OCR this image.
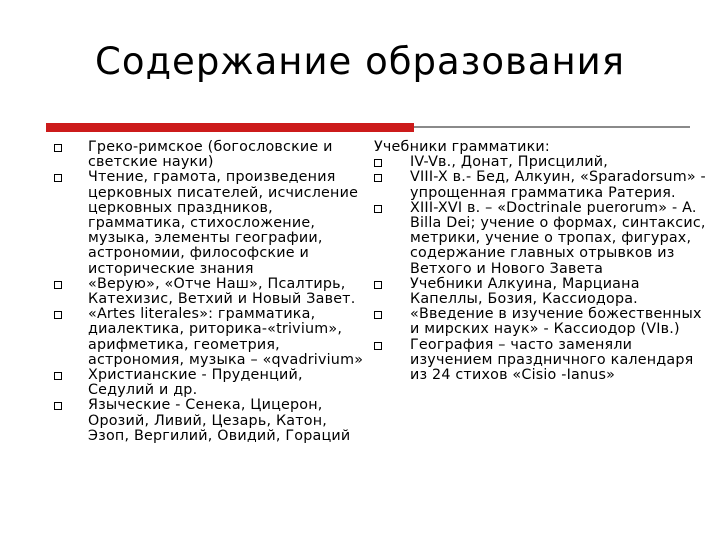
Содержание образования
Греко-римское (богословские и светские науки)
Чтение, грамота, произведения церковных писателей, исчисление церковных праздников, грамматика, стихосложение, музыка, элементы географии, астрономии, философские и исторические знания
«Верую», «Отче Наш», Псалтирь, Катехизис, Ветхий и Новый Завет.
«Artes literales»: грамматика, диалектика, риторика-«trivium», арифметика, геометрия, астрономия, музыка – «qvadrivium»
Христианские - Пруденций, Седулий и др.
Языческие - Сенека, Цицерон, Орозий, Ливий, Цезарь, Катон, Эзоп, Вергилий, Овидий, Гораций
Учебники грамматики:
IV-Vв., Донат, Присцилий,
VIII-X в.- Бед, Алкуин, «Sparadorsum» - упрощенная грамматика Ратерия.
XIII-XVI в. – «Doctrinale puerorum» - A. Billa Dei; учение о формах, синтаксис, метрики, учение о тропах, фигурах, содержание главных отрывков из Ветхого и Нового Завета
Учебники Алкуина, Марциана Капеллы, Бозия, Кассиодора.
«Введение в изучение божественных и мирских наук» - Кассиодор (VIв.)
География – часто заменяли изучением праздничного календаря из 24 стихов «Cisio -Ianus»
